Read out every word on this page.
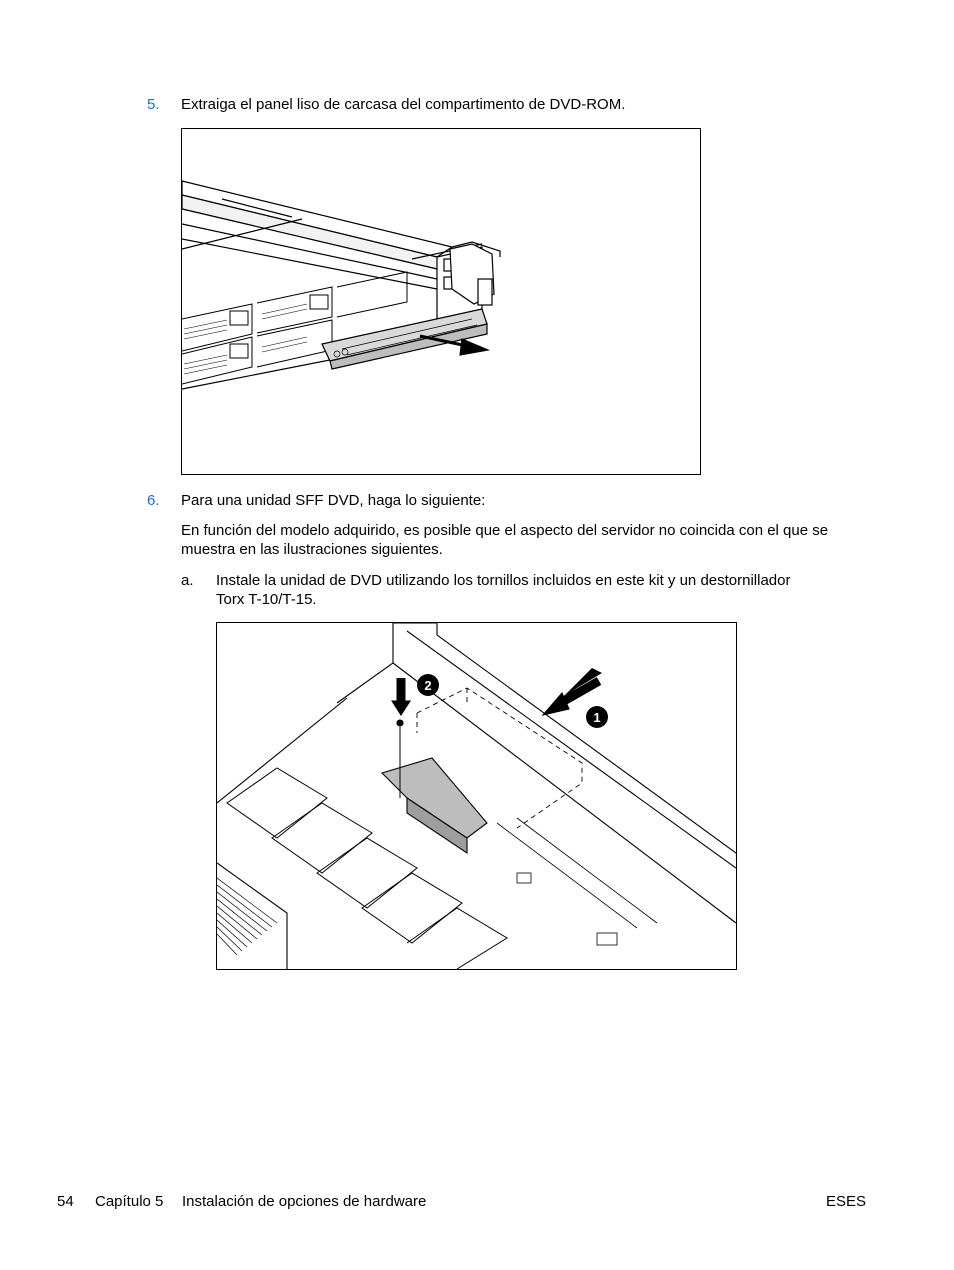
5. Extraiga el panel liso de carcasa del compartimento de DVD-ROM.
6. Para una unidad SFF DVD, haga lo siguiente:
En función del modelo adquirido, es posible que el aspecto del servidor no coincida con el que se muestra en las ilustraciones siguientes.
a. Instale la unidad de DVD utilizando los tornillos incluidos en este kit y un destornillador
Torx T-10/T-15.
1
2
54 Capítulo 5 Instalación de opciones de hardware	ESES
